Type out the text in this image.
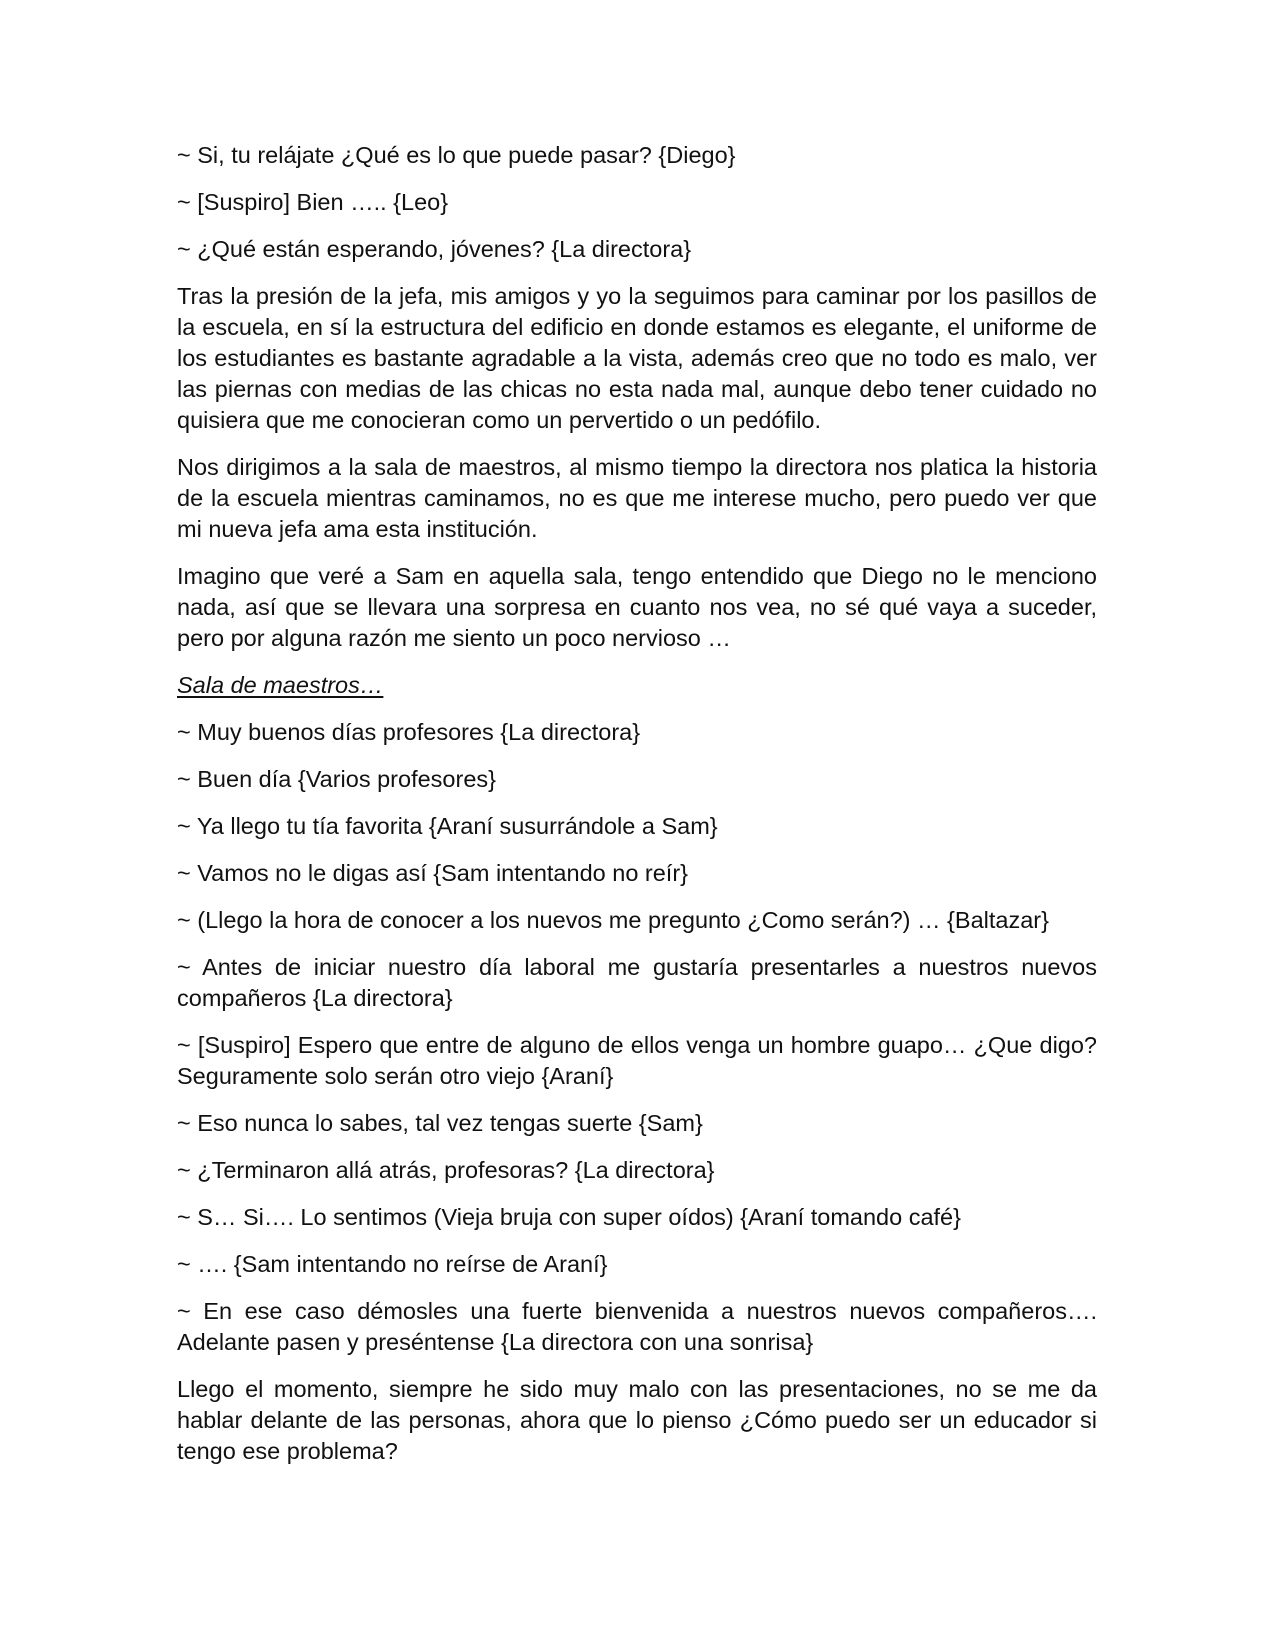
~ Si, tu relájate ¿Qué es lo que puede pasar? {Diego}

~ [Suspiro] Bien ….. {Leo}

~ ¿Qué están esperando, jóvenes? {La directora}

Tras la presión de la jefa, mis amigos y yo la seguimos para caminar por los pasillos de la escuela, en sí la estructura del edificio en donde estamos es elegante, el uniforme de los estudiantes es bastante agradable a la vista, además creo que no todo es malo, ver las piernas con medias de las chicas no esta nada mal, aunque debo tener cuidado no quisiera que me conocieran como un pervertido o un pedófilo.

Nos dirigimos a la sala de maestros, al mismo tiempo la directora nos platica la historia de la escuela mientras caminamos, no es que me interese mucho, pero puedo ver que mi nueva jefa ama esta institución.

Imagino que veré a Sam en aquella sala, tengo entendido que Diego no le menciono nada, así que se llevara una sorpresa en cuanto nos vea, no sé qué vaya a suceder, pero por alguna razón me siento un poco nervioso …

Sala de maestros…

~ Muy buenos días profesores {La directora}

~ Buen día {Varios profesores}

~ Ya llego tu tía favorita {Araní susurrándole a Sam}

~ Vamos no le digas así {Sam intentando no reír}

~ (Llego la hora de conocer a los nuevos me pregunto ¿Como serán?) … {Baltazar}

~ Antes de iniciar nuestro día laboral me gustaría presentarles a nuestros nuevos compañeros {La directora}

~ [Suspiro] Espero que entre de alguno de ellos venga un hombre guapo… ¿Que digo? Seguramente solo serán otro viejo {Araní}

~ Eso nunca lo sabes, tal vez tengas suerte {Sam}

~ ¿Terminaron allá atrás, profesoras? {La directora}

~ S… Si…. Lo sentimos (Vieja bruja con super oídos) {Araní tomando café}

~ …. {Sam intentando no reírse de Araní}

~ En ese caso démosles una fuerte bienvenida a nuestros nuevos compañeros…. Adelante pasen y preséntense {La directora con una sonrisa}

Llego el momento, siempre he sido muy malo con las presentaciones, no se me da hablar delante de las personas, ahora que lo pienso ¿Cómo puedo ser un educador si tengo ese problema?
